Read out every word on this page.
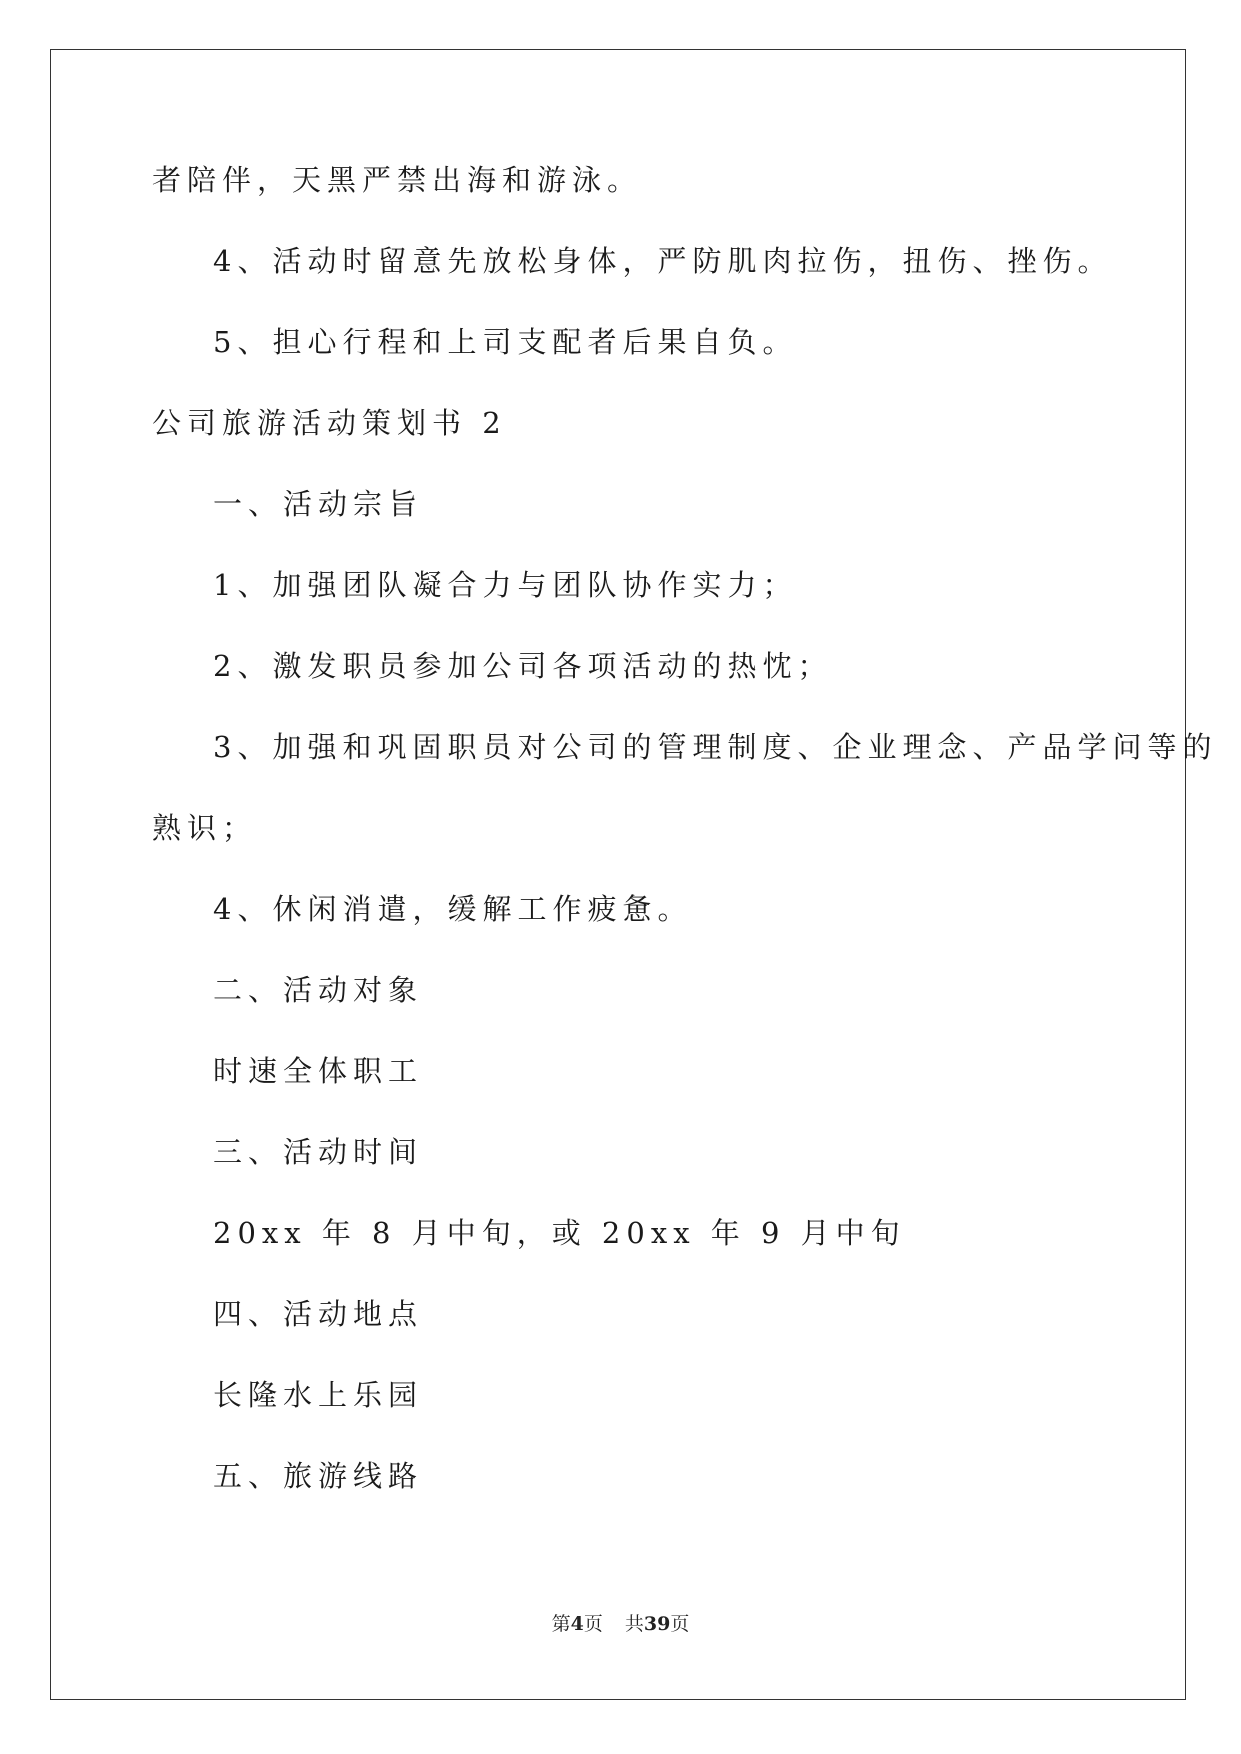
者陪伴，天黑严禁出海和游泳。
4、活动时留意先放松身体，严防肌肉拉伤，扭伤、挫伤。
5、担心行程和上司支配者后果自负。
公司旅游活动策划书 2
一、活动宗旨
1、加强团队凝合力与团队协作实力；
2、激发职员参加公司各项活动的热忱；
3、加强和巩固职员对公司的管理制度、企业理念、产品学问等的
熟识；
4、休闲消遣，缓解工作疲惫。
二、活动对象
时速全体职工
三、活动时间
20xx 年 8 月中旬，或 20xx 年 9 月中旬
四、活动地点
长隆水上乐园
五、旅游线路
第4页 共39页
